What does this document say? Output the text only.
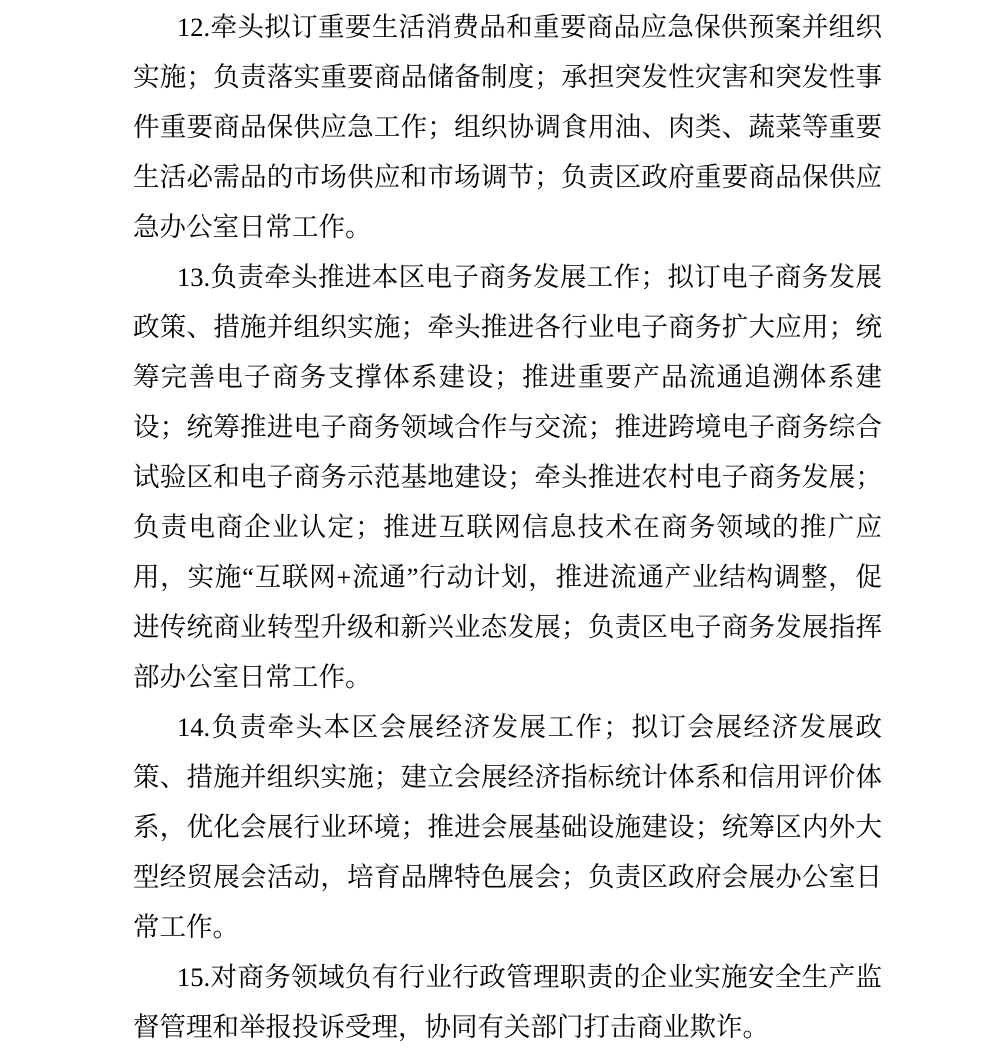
12.牵头拟订重要生活消费品和重要商品应急保供预案并组织实施；负责落实重要商品储备制度；承担突发性灾害和突发性事件重要商品保供应急工作；组织协调食用油、肉类、蔬菜等重要生活必需品的市场供应和市场调节；负责区政府重要商品保供应急办公室日常工作。

13.负责牵头推进本区电子商务发展工作；拟订电子商务发展政策、措施并组织实施；牵头推进各行业电子商务扩大应用；统筹完善电子商务支撑体系建设；推进重要产品流通追溯体系建设；统筹推进电子商务领域合作与交流；推进跨境电子商务综合试验区和电子商务示范基地建设；牵头推进农村电子商务发展；负责电商企业认定；推进互联网信息技术在商务领域的推广应用，实施“互联网+流通”行动计划，推进流通产业结构调整，促进传统商业转型升级和新兴业态发展；负责区电子商务发展指挥部办公室日常工作。

14.负责牵头本区会展经济发展工作；拟订会展经济发展政策、措施并组织实施；建立会展经济指标统计体系和信用评价体系，优化会展行业环境；推进会展基础设施建设；统筹区内外大型经贸展会活动，培育品牌特色展会；负责区政府会展办公室日常工作。

15.对商务领域负有行业行政管理职责的企业实施安全生产监督管理和举报投诉受理，协同有关部门打击商业欺诈。
